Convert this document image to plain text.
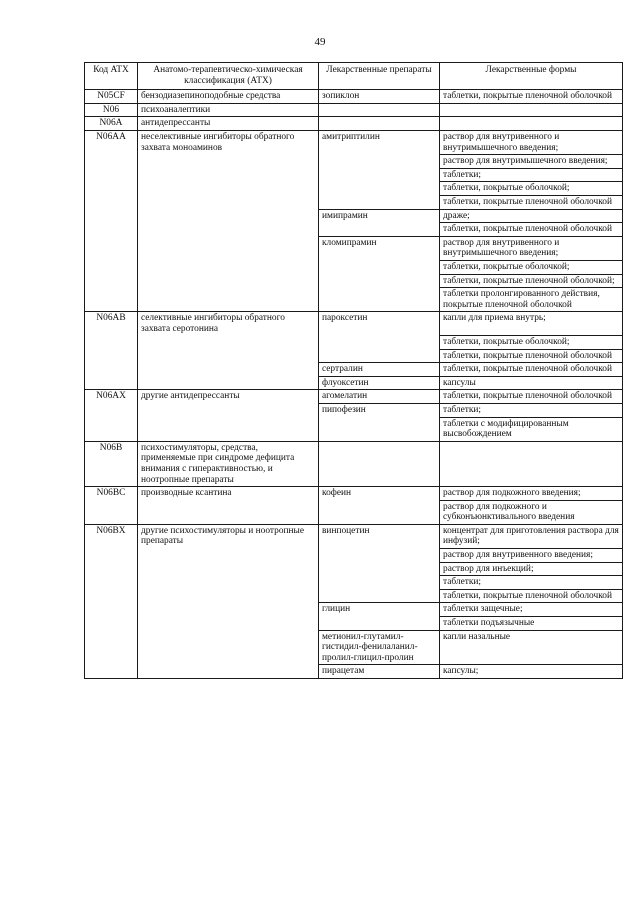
49
Код ATX	Анатомо-терапевтическо-химическая классификация (АТХ)	Лекарственные препараты	Лекарственные формы
N05CF	бензодиазепиноподобные средства	зопиклон	таблетки, покрытые пленочной оболочкой
N06	психоаналептики		
N06A	антидепрессанты		
N06AA	неселективные ингибиторы обратного захвата моноаминов	амитриптилин	раствор для внутривенного и внутримышечного введения;
			раствор для внутримышечного введения;
			таблетки;
			таблетки, покрытые оболочкой;
			таблетки, покрытые пленочной оболочкой
		имипрамин	драже;
			таблетки, покрытые пленочной оболочкой
		кломипрамин	раствор для внутривенного и внутримышечного введения;
			таблетки, покрытые оболочкой;
			таблетки, покрытые пленочной оболочкой;
			таблетки пролонгированного действия, покрытые пленочной оболочкой
N06AB	селективные ингибиторы обратного захвата серотонина	пароксетин	капли для приема внутрь;
			таблетки, покрытые оболочкой;
			таблетки, покрытые пленочной оболочкой
		сертралин	таблетки, покрытые пленочной оболочкой
		флуоксетин	капсулы
N06AX	другие антидепрессанты	агомелатин	таблетки, покрытые пленочной оболочкой
		пипофезин	таблетки;
			таблетки с модифицированным высвобождением
N06B	психостимуляторы, средства, применяемые при синдроме дефицита внимания с гиперактивностью, и ноотропные препараты		
N06BC	производные ксантина	кофеин	раствор для подкожного введения;
			раствор для подкожного и субконъюнктивального введения
N06BX	другие психостимуляторы и ноотропные препараты	винпоцетин	концентрат для приготовления раствора для инфузий;
			раствор для внутривенного введения;
			раствор для инъекций;
			таблетки;
			таблетки, покрытые пленочной оболочкой
		глицин	таблетки защечные;
			таблетки подъязычные
		метионил-глутамил-гистидил-фенилаланил-пролил-глицил-пролин	капли назальные
		пирацетам	капсулы;
